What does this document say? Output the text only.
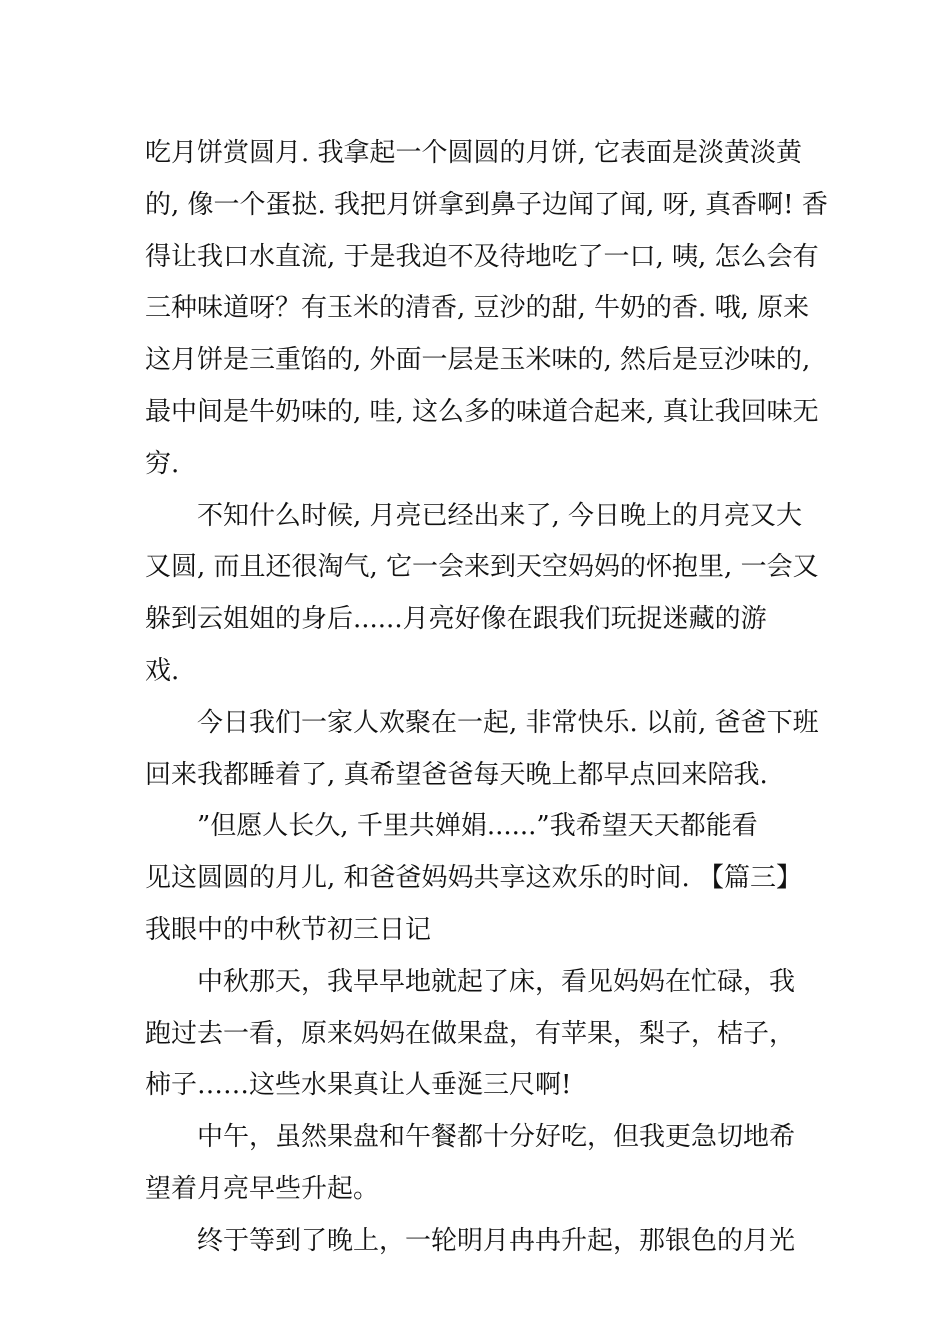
吃月饼赏圆月. 我拿起一个圆圆的月饼, 它表面是淡黄淡黄
的, 像一个蛋挞. 我把月饼拿到鼻子边闻了闻, 呀, 真香啊! 香
得让我口水直流, 于是我迫不及待地吃了一口, 咦, 怎么会有
三种味道呀？有玉米的清香, 豆沙的甜, 牛奶的香. 哦, 原来
这月饼是三重馅的, 外面一层是玉米味的, 然后是豆沙味的,
最中间是牛奶味的, 哇, 这么多的味道合起来, 真让我回味无
穷.
不知什么时候, 月亮已经出来了, 今日晚上的月亮又大
又圆, 而且还很淘气, 它一会来到天空妈妈的怀抱里, 一会又
躲到云姐姐的身后......月亮好像在跟我们玩捉迷藏的游
戏.
今日我们一家人欢聚在一起, 非常快乐. 以前, 爸爸下班
回来我都睡着了, 真希望爸爸每天晚上都早点回来陪我.
”但愿人长久, 千里共婵娟......”我希望天天都能看
见这圆圆的月儿, 和爸爸妈妈共享这欢乐的时间. 【篇三】
我眼中的中秋节初三日记
中秋那天，我早早地就起了床，看见妈妈在忙碌，我
跑过去一看，原来妈妈在做果盘，有苹果，梨子，桔子，
柿子……这些水果真让人垂涎三尺啊!
中午，虽然果盘和午餐都十分好吃，但我更急切地希
望着月亮早些升起。
终于等到了晚上，一轮明月冉冉升起，那银色的月光
